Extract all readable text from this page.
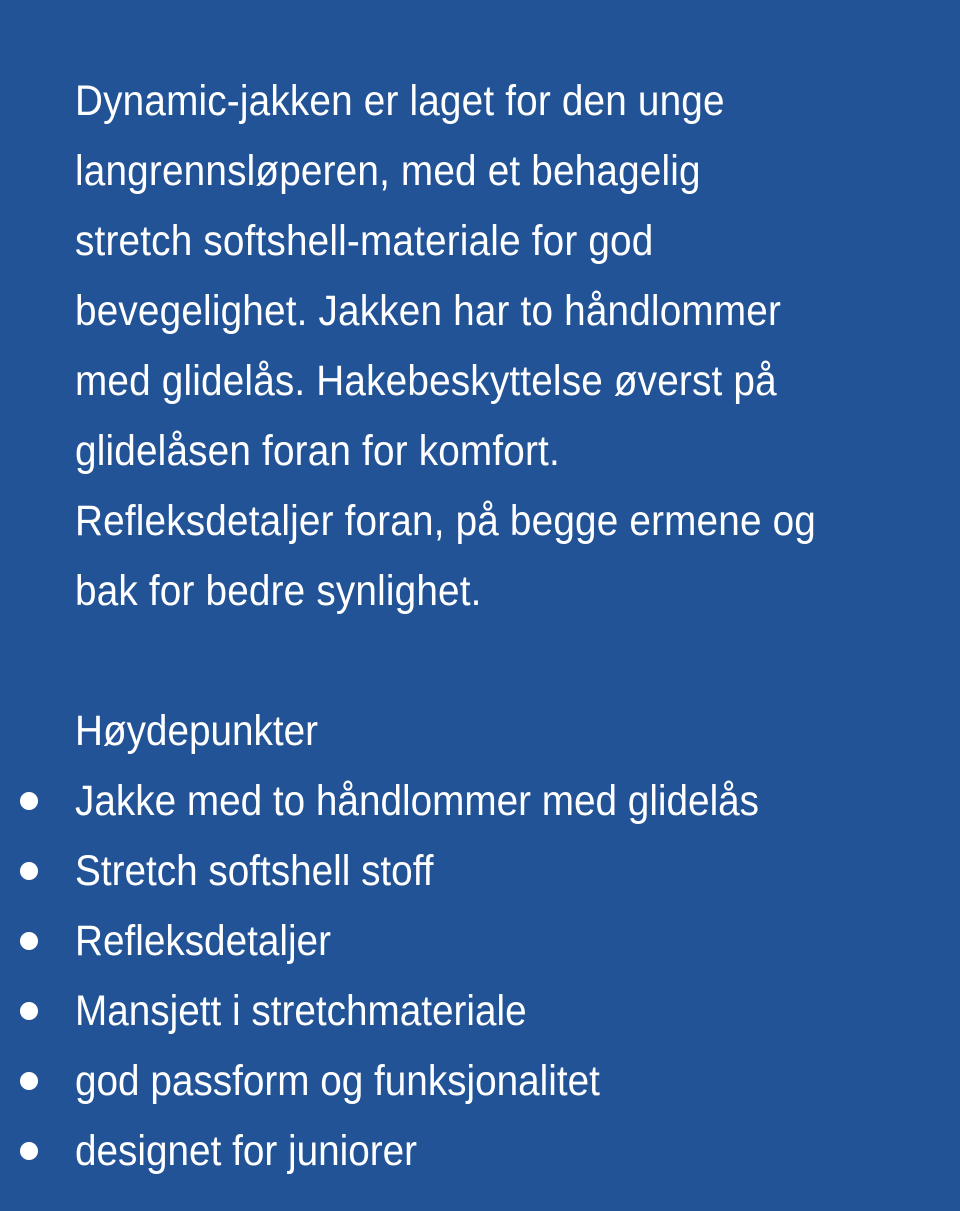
Dynamic-jakken er laget for den unge
langrennsløperen, med et behagelig
stretch softshell-materiale for god
bevegelighet. Jakken har to håndlommer
med glidelås. Hakebeskyttelse øverst på
glidelåsen foran for komfort.
Refleksdetaljer foran, på begge ermene og
bak for bedre synlighet.

Høydepunkter
Jakke med to håndlommer med glidelås
Stretch softshell stoff
Refleksdetaljer
Mansjett i stretchmateriale
god passform og funksjonalitet
designet for juniorer
